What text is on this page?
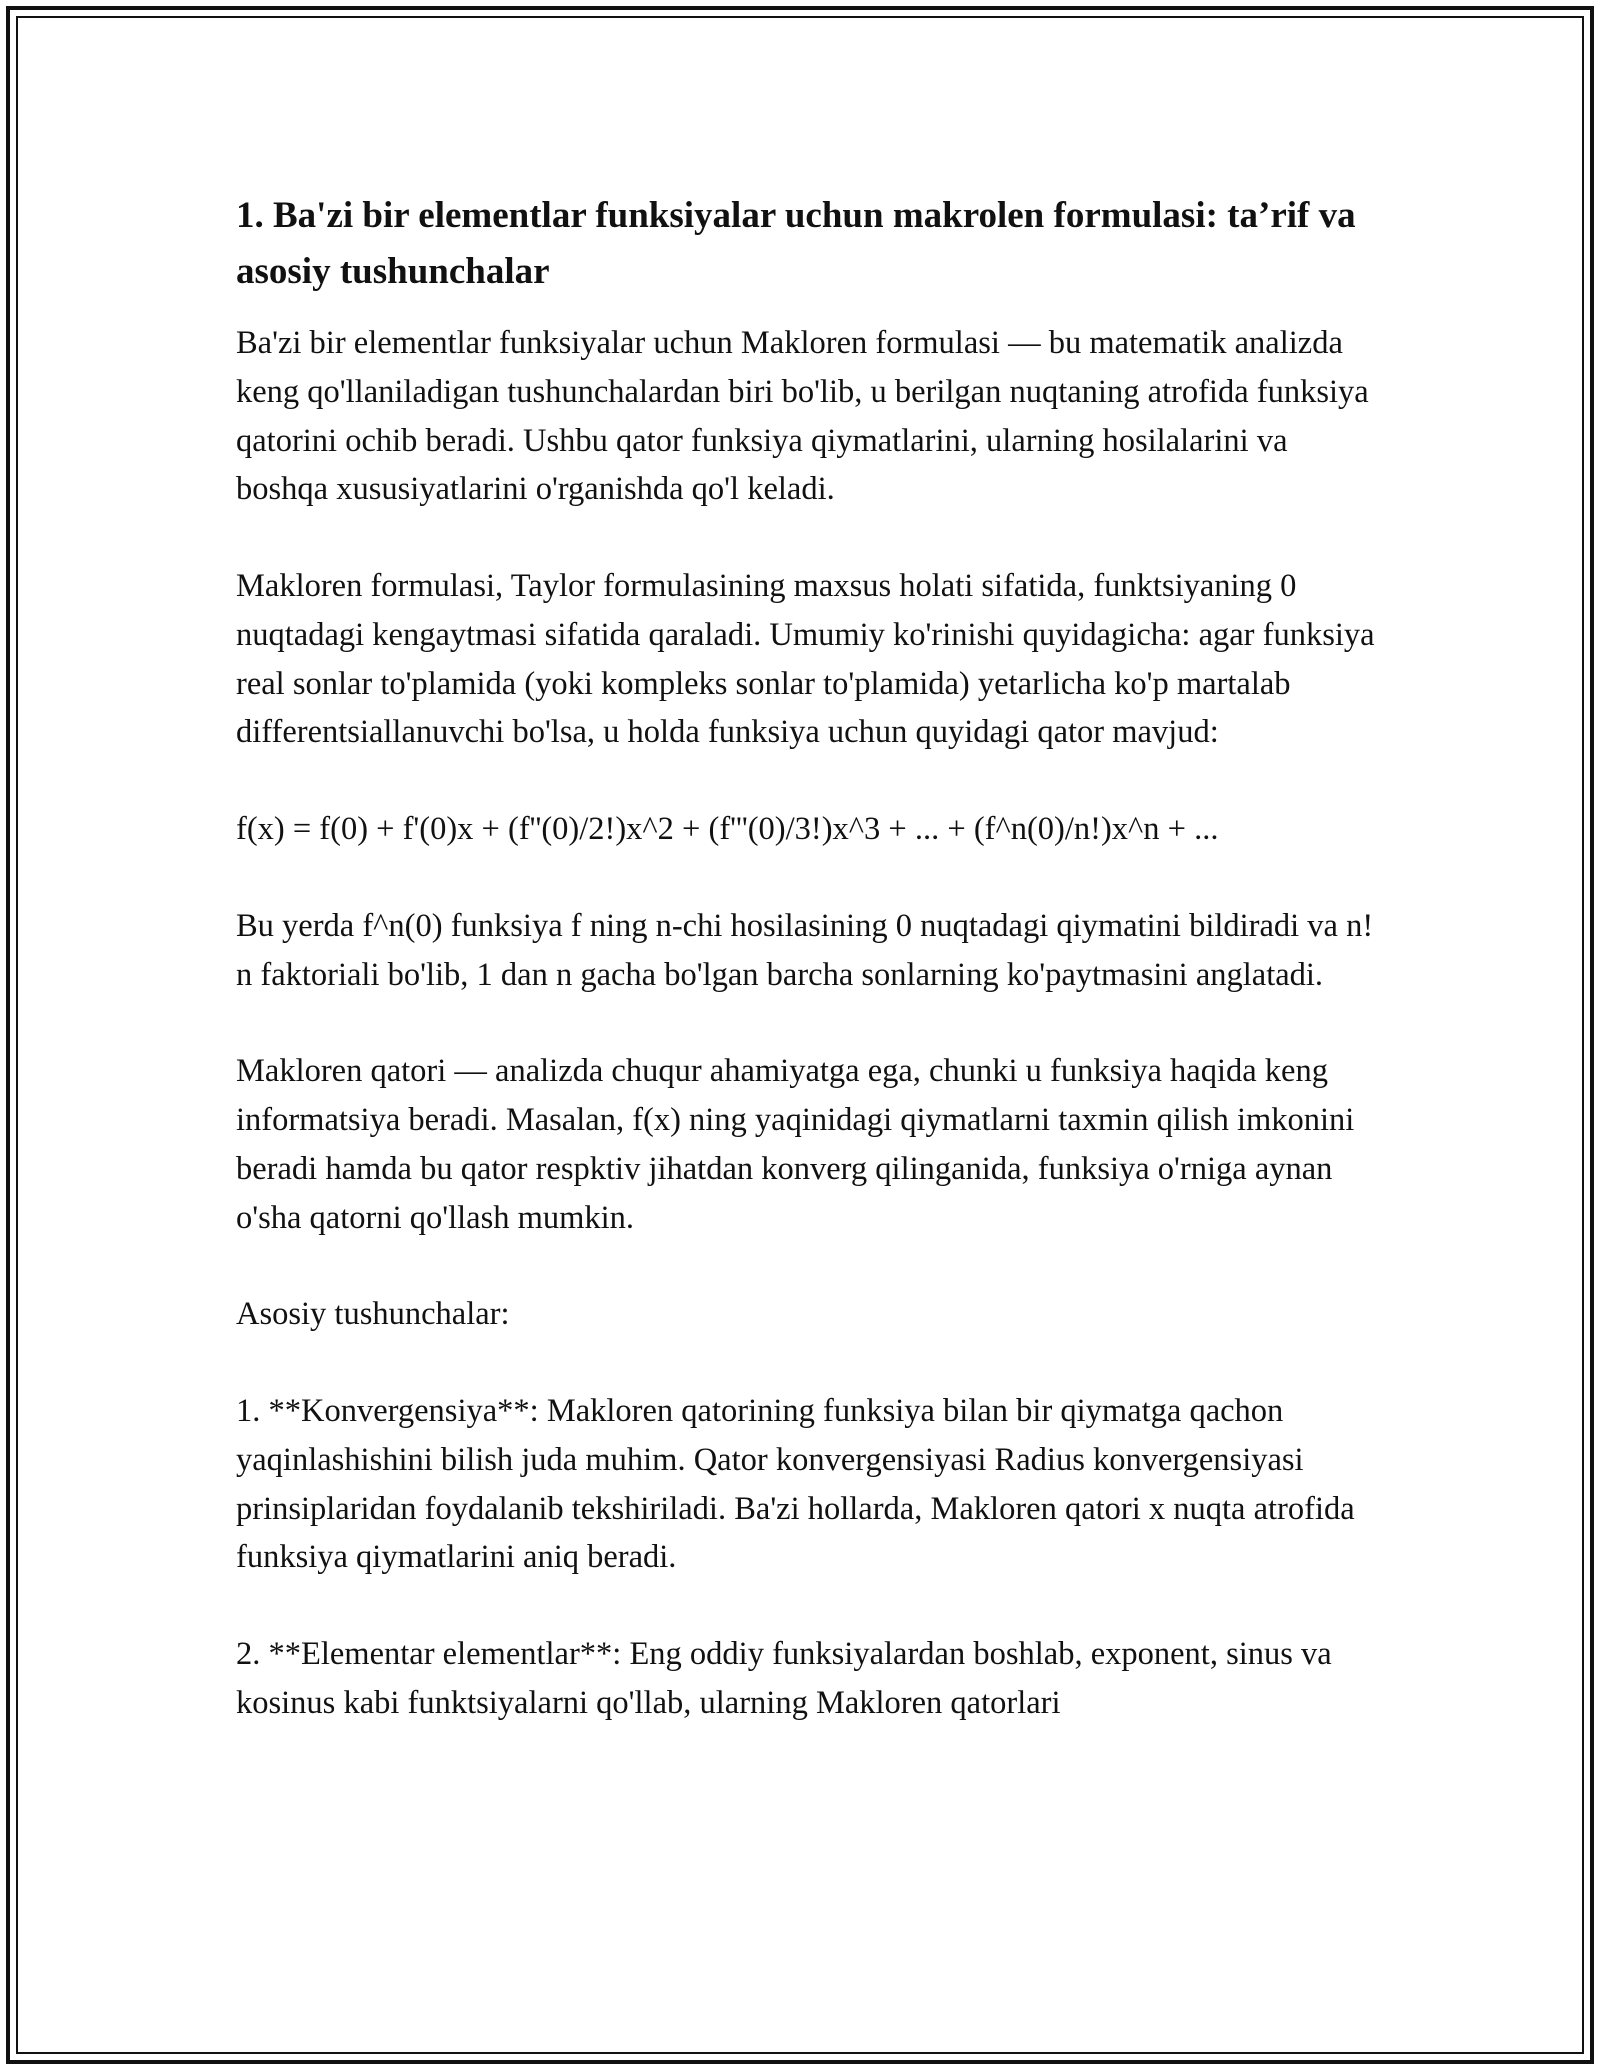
1. Ba'zi bir elementlar funksiyalar uchun makrolen formulasi: ta’rif va asosiy tushunchalar

Ba'zi bir elementlar funksiyalar uchun Makloren formulasi — bu matematik analizda keng qo'llaniladigan tushunchalardan biri bo'lib, u berilgan nuqtaning atrofida funksiya qatorini ochib beradi. Ushbu qator funksiya qiymatlarini, ularning hosilalarini va boshqa xususiyatlarini o'rganishda qo'l keladi.

Makloren formulasi, Taylor formulasining maxsus holati sifatida, funktsiyaning 0 nuqtadagi kengaytmasi sifatida qaraladi. Umumiy ko'rinishi quyidagicha: agar funksiya real sonlar to'plamida (yoki kompleks sonlar to'plamida) yetarlicha ko'p martalab differentsiallanuvchi bo'lsa, u holda funksiya uchun quyidagi qator mavjud:

f(x) = f(0) + f'(0)x + (f''(0)/2!)x^2 + (f'''(0)/3!)x^3 + ... + (f^n(0)/n!)x^n + ...

Bu yerda f^n(0) funksiya f ning n-chi hosilasining 0 nuqtadagi qiymatini bildiradi va n! n faktoriali bo'lib, 1 dan n gacha bo'lgan barcha sonlarning ko'paytmasini anglatadi.

Makloren qatori — analizda chuqur ahamiyatga ega, chunki u funksiya haqida keng informatsiya beradi. Masalan, f(x) ning yaqinidagi qiymatlarni taxmin qilish imkonini beradi hamda bu qator respktiv jihatdan konverg qilinganida, funksiya o'rniga aynan o'sha qatorni qo'llash mumkin.

Asosiy tushunchalar:

1. **Konvergensiya**: Makloren qatorining funksiya bilan bir qiymatga qachon yaqinlashishini bilish juda muhim. Qator konvergensiyasi Radius konvergensiyasi prinsiplaridan foydalanib tekshiriladi. Ba'zi hollarda, Makloren qatori x nuqta atrofida funksiya qiymatlarini aniq beradi.

2. **Elementar elementlar**: Eng oddiy funksiyalardan boshlab, exponent, sinus va kosinus kabi funktsiyalarni qo'llab, ularning Makloren qatorlari
